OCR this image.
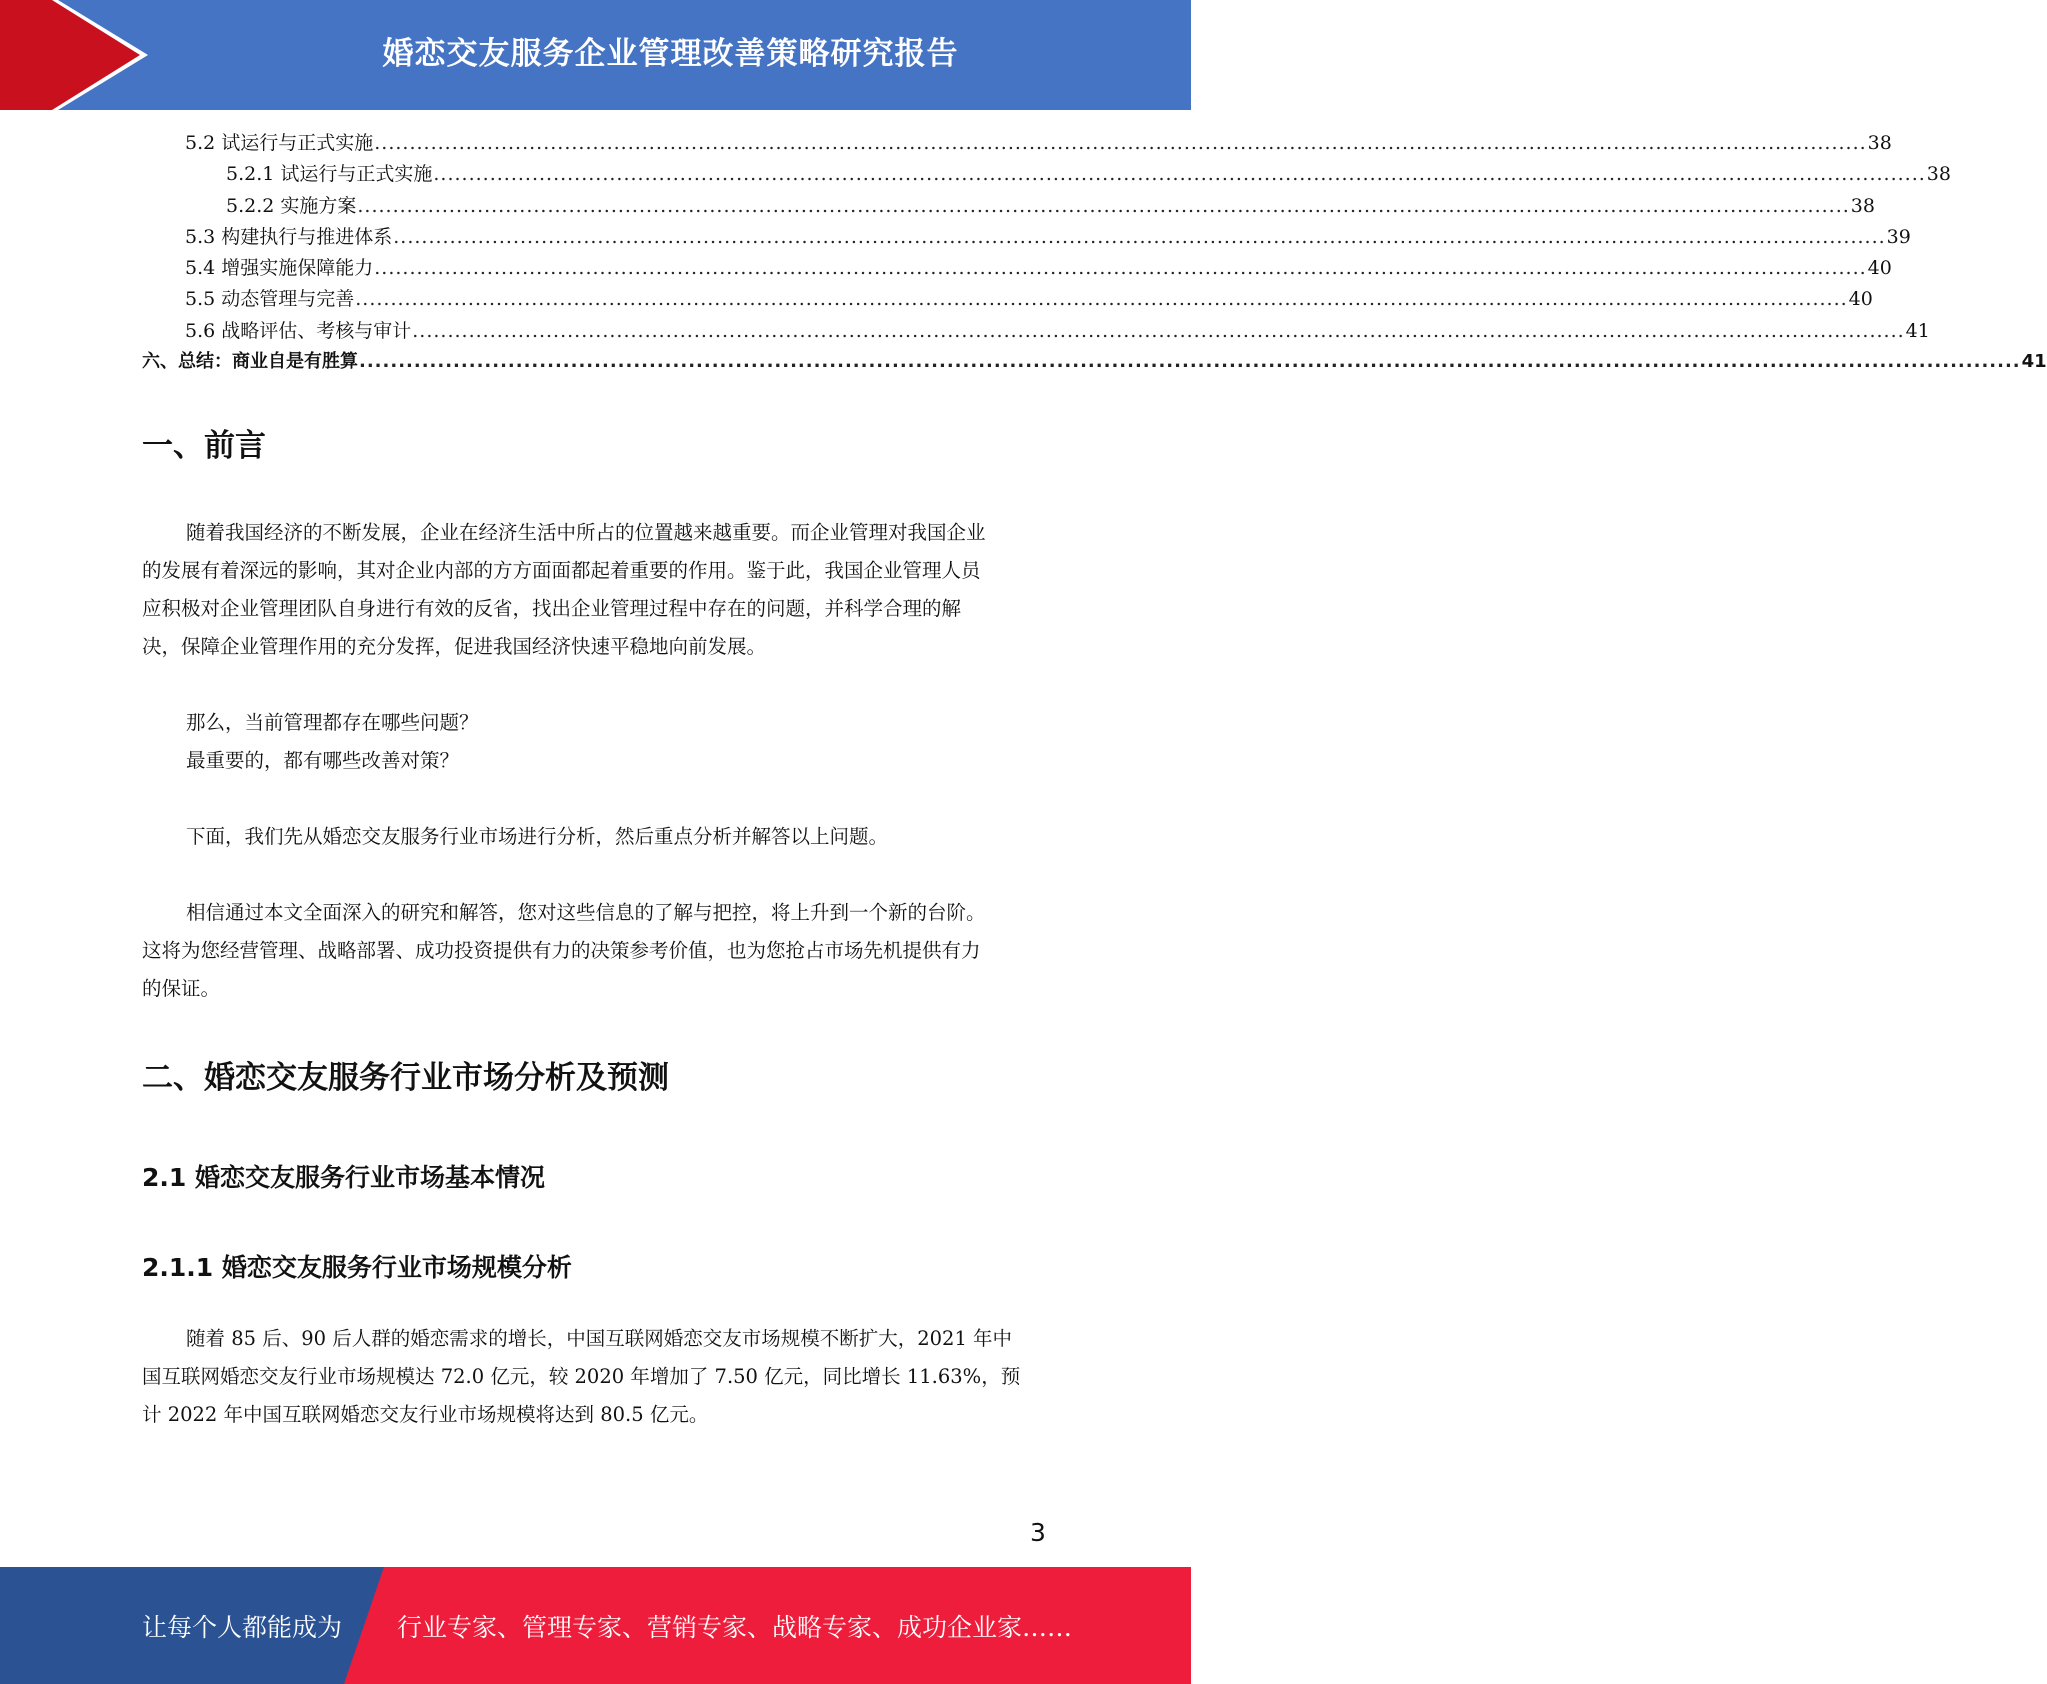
婚恋交友服务企业管理改善策略研究报告
5.2 试运行与正式实施 .................................................................................................................................................................................................................... 38
5.2.1 试运行与正式实施 .................................................................................................................................................................................................................... 38
5.2.2 实施方案 .................................................................................................................................................................................................................... 38
5.3 构建执行与推进体系 .................................................................................................................................................................................................................... 39
5.4 增强实施保障能力 .................................................................................................................................................................................................................... 40
5.5 动态管理与完善 .................................................................................................................................................................................................................... 40
5.6 战略评估、考核与审计 .................................................................................................................................................................................................................... 41
六、总结：商业自是有胜算 .................................................................................................................................................................................................................... 41
一、前言
随着我国经济的不断发展，企业在经济生活中所占的位置越来越重要。而企业管理对我国企业
的发展有着深远的影响，其对企业内部的方方面面都起着重要的作用。鉴于此，我国企业管理人员
应积极对企业管理团队自身进行有效的反省，找出企业管理过程中存在的问题，并科学合理的解
决，保障企业管理作用的充分发挥，促进我国经济快速平稳地向前发展。
那么，当前管理都存在哪些问题？
最重要的，都有哪些改善对策？
下面，我们先从婚恋交友服务行业市场进行分析，然后重点分析并解答以上问题。
相信通过本文全面深入的研究和解答，您对这些信息的了解与把控，将上升到一个新的台阶。
这将为您经营管理、战略部署、成功投资提供有力的决策参考价值，也为您抢占市场先机提供有力
的保证。
二、婚恋交友服务行业市场分析及预测
2.1 婚恋交友服务行业市场基本情况
2.1.1 婚恋交友服务行业市场规模分析
随着 85 后、90 后人群的婚恋需求的增长，中国互联网婚恋交友市场规模不断扩大，2021 年中
国互联网婚恋交友行业市场规模达 72.0 亿元，较 2020 年增加了 7.50 亿元，同比增长 11.63%，预
计 2022 年中国互联网婚恋交友行业市场规模将达到 80.5 亿元。
3
让每个人都能成为 行业专家、管理专家、营销专家、战略专家、成功企业家……
